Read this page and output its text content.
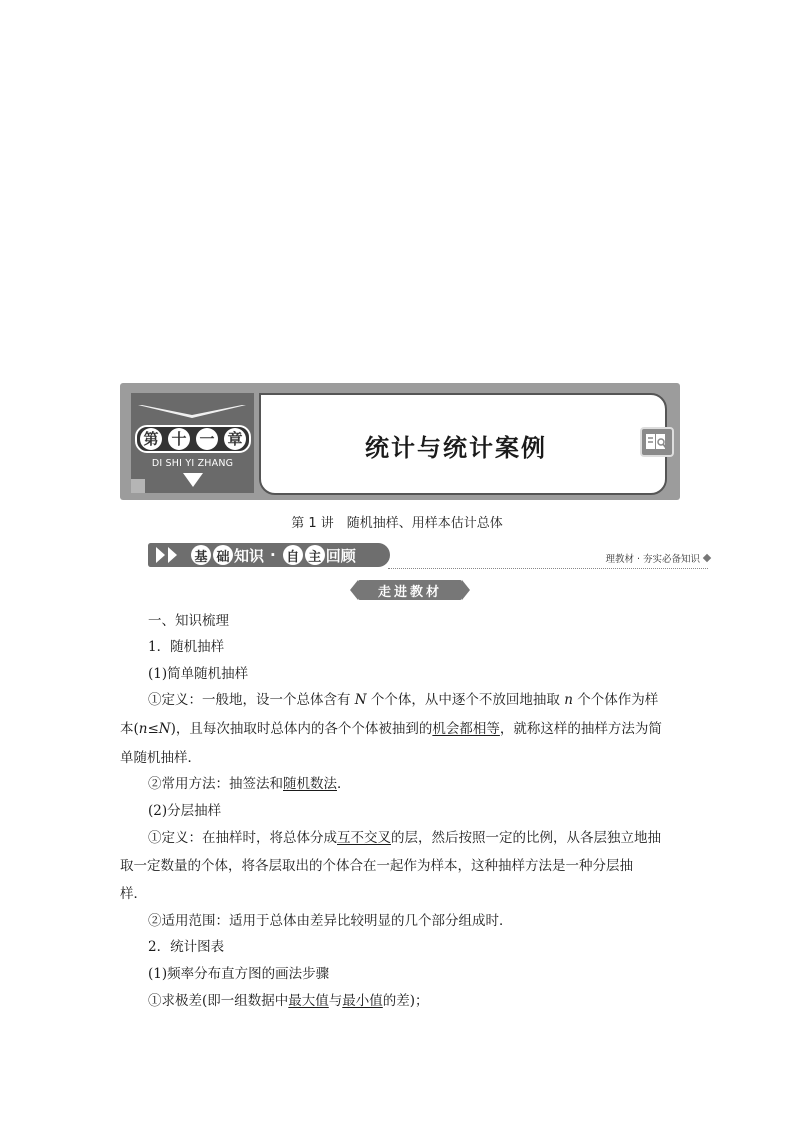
第 十 一 章
DI SHI YI ZHANG
统计与统计案例
第 1 讲　随机抽样、用样本估计总体
基 础 知识 · 自 主 回顾	理教材 · 夯实必备知识
走进教材
一、知识梳理
1．随机抽样
(1)简单随机抽样
①定义：一般地，设一个总体含有 N 个个体，从中逐个不放回地抽取 n 个个体作为样
本(n≤N)，且每次抽取时总体内的各个个体被抽到的机会都相等，就称这样的抽样方法为简
单随机抽样．
②常用方法：抽签法和随机数法．
(2)分层抽样
①定义：在抽样时，将总体分成互不交叉的层，然后按照一定的比例，从各层独立地抽
取一定数量的个体，将各层取出的个体合在一起作为样本，这种抽样方法是一种分层抽
样．
②适用范围：适用于总体由差异比较明显的几个部分组成时．
2．统计图表
(1)频率分布直方图的画法步骤
①求极差(即一组数据中最大值与最小值的差)；
